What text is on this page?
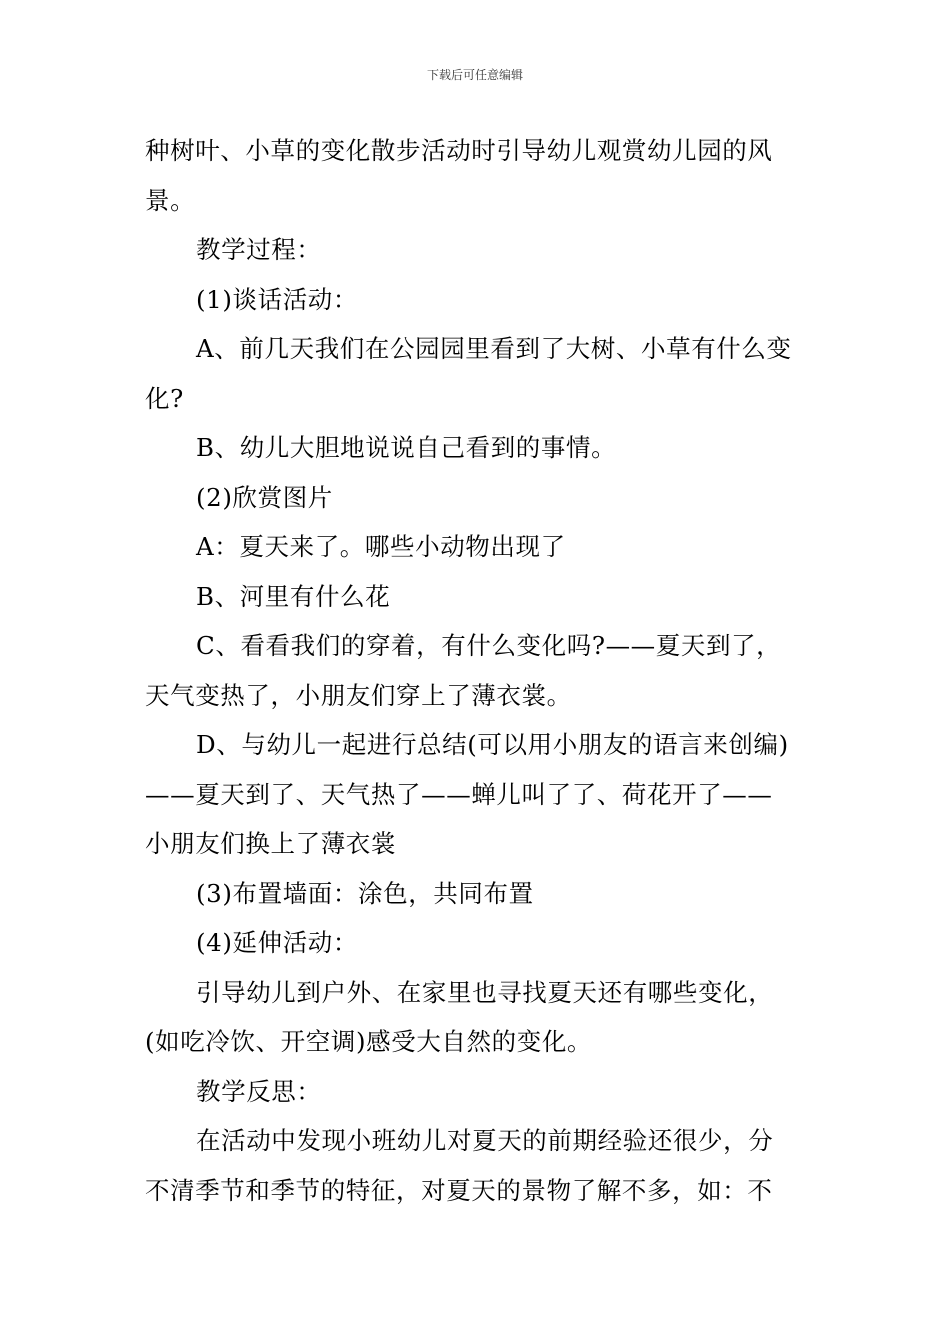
下载后可任意编辑

种树叶、小草的变化散步活动时引导幼儿观赏幼儿园的风

景。

教学过程：

(1)谈话活动：

A、前几天我们在公园园里看到了大树、小草有什么变

化?

B、幼儿大胆地说说自己看到的事情。

(2)欣赏图片

A：夏天来了。哪些小动物出现了

B、河里有什么花

C、看看我们的穿着，有什么变化吗?——夏天到了，

天气变热了，小朋友们穿上了薄衣裳。

D、与幼儿一起进行总结(可以用小朋友的语言来创编)

——夏天到了、天气热了——蝉儿叫了了、荷花开了——

小朋友们换上了薄衣裳

(3)布置墙面：涂色，共同布置

(4)延伸活动：

引导幼儿到户外、在家里也寻找夏天还有哪些变化，

(如吃冷饮、开空调)感受大自然的变化。

教学反思：

在活动中发现小班幼儿对夏天的前期经验还很少，分

不清季节和季节的特征，对夏天的景物了解不多，如：不
